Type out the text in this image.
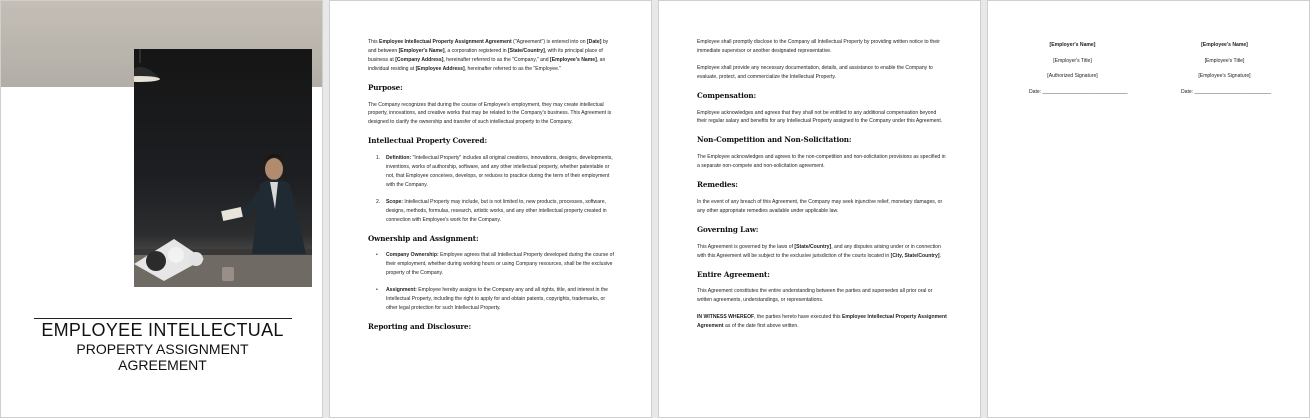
EMPLOYEE INTELLECTUAL
PROPERTY ASSIGNMENT
AGREEMENT

This Employee Intellectual Property Assignment Agreement ("Agreement") is entered into on [Date] by and between [Employer's Name], a corporation registered in [State/Country], with its principal place of business at [Company Address], hereinafter referred to as the "Company," and [Employee's Name], an individual residing at [Employee Address], hereinafter referred to as the "Employee."

Purpose:

The Company recognizes that during the course of Employee's employment, they may create intellectual property, innovations, and creative works that may be related to the Company's business. This Agreement is designed to clarify the ownership and transfer of such intellectual property to the Company.

Intellectual Property Covered:
1. Definition: "Intellectual Property" includes all original creations, innovations, designs, developments, inventions, works of authorship, software, and any other intellectual property, whether patentable or not, that Employee conceives, develops, or reduces to practice during the term of their employment with the Company.
2. Scope: Intellectual Property may include, but is not limited to, new products, processes, software, designs, methods, formulas, research, artistic works, and any other intellectual property created in connection with Employee's work for the Company.
Ownership and Assignment:
• Company Ownership: Employee agrees that all Intellectual Property developed during the course of their employment, whether during working hours or using Company resources, shall be the exclusive property of the Company.
• Assignment: Employee hereby assigns to the Company any and all rights, title, and interest in the Intellectual Property, including the right to apply for and obtain patents, copyrights, trademarks, or other legal protection for such Intellectual Property.
Reporting and Disclosure:

Employee shall promptly disclose to the Company all Intellectual Property by providing written notice to their immediate supervisor or another designated representative.

Employee shall provide any necessary documentation, details, and assistance to enable the Company to evaluate, protect, and commercialize the Intellectual Property.

Compensation:

Employee acknowledges and agrees that they shall not be entitled to any additional compensation beyond their regular salary and benefits for any Intellectual Property assigned to the Company under this Agreement.

Non-Competition and Non-Solicitation:

The Employee acknowledges and agrees to the non-competition and non-solicitation provisions as specified in a separate non-compete and non-solicitation agreement.

Remedies:

In the event of any breach of this Agreement, the Company may seek injunctive relief, monetary damages, or any other appropriate remedies available under applicable law.

Governing Law:

This Agreement is governed by the laws of [State/Country], and any disputes arising under or in connection with this Agreement will be subject to the exclusive jurisdiction of the courts located in [City, State/Country].

Entire Agreement:

This Agreement constitutes the entire understanding between the parties and supersedes all prior oral or written agreements, understandings, or representations.

IN WITNESS WHEREOF, the parties hereto have executed this Employee Intellectual Property Assignment Agreement as of the date first above written.

[Employer's Name]
[Employer's Title]
[Authorized Signature]
Date: ______________________________
[Employee's Name]
[Employee's Title]
[Employee's Signature]
Date: ___________________________
